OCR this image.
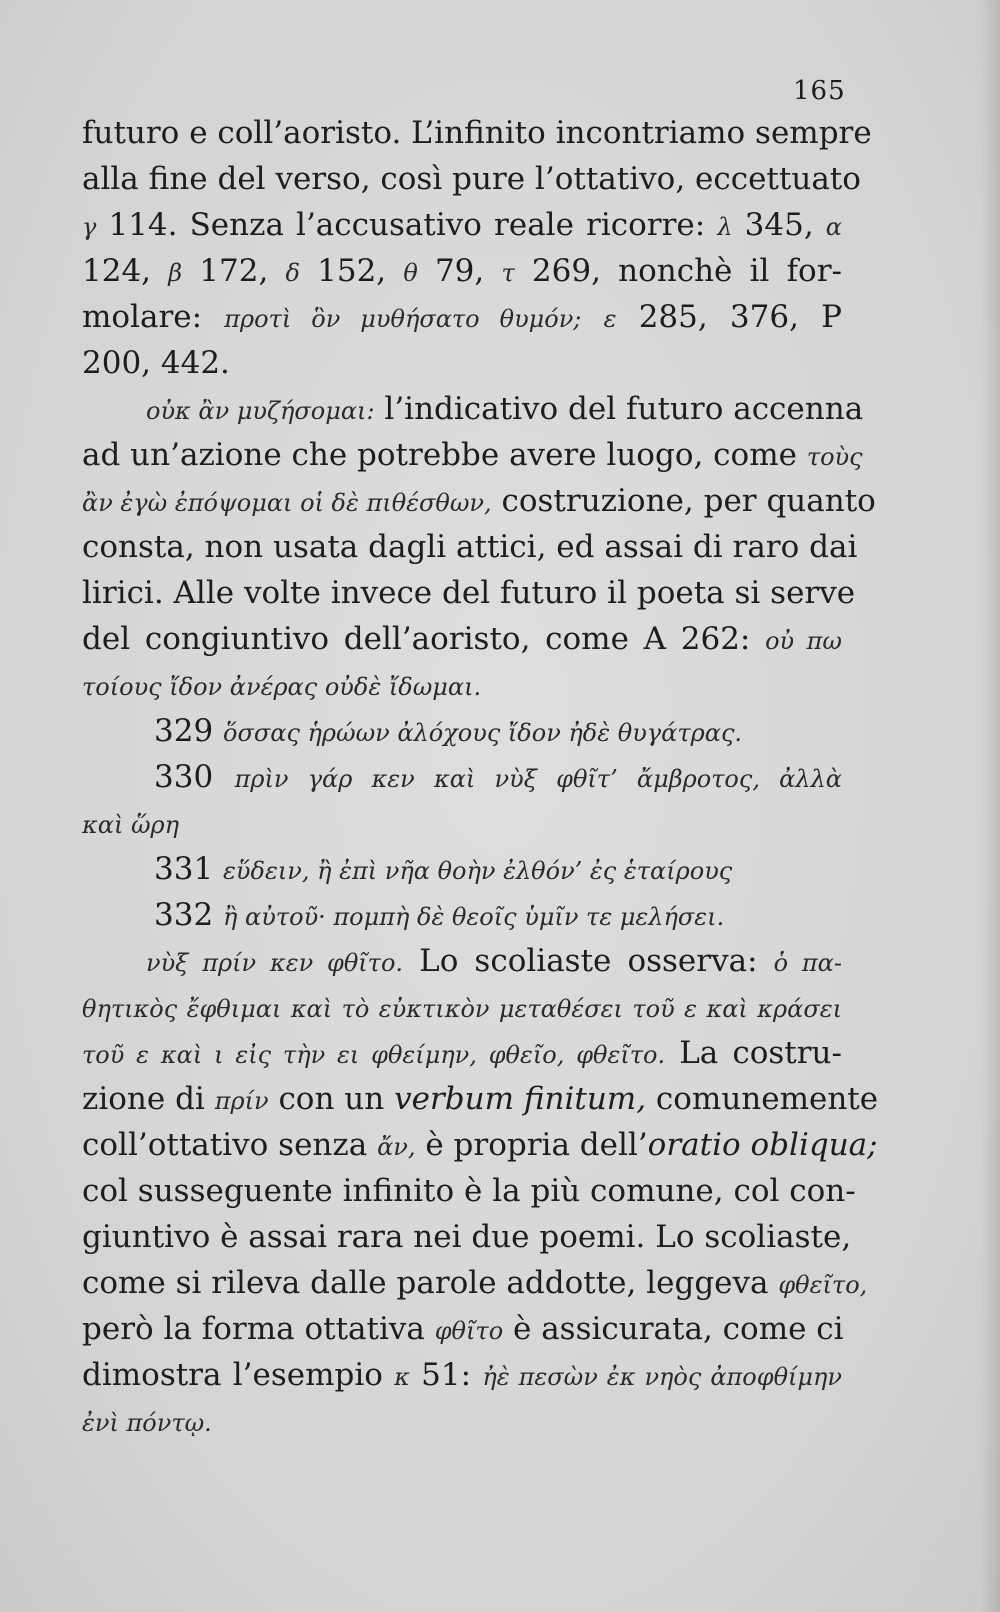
165
futuro e coll’aoristo. L’infinito incontriamo sempre
alla fine del verso, così pure l’ottativo, eccettuato
γ 114. Senza l’accusativo reale ricorre: λ 345, α
124, β 172, δ 152, θ 79, τ 269, nonchè il for-
molare: προτὶ ὃν μυθήσατο θυμόν; ε 285, 376, P
200, 442.
οὐκ ἂν μυζήσομαι: l’indicativo del futuro accenna
ad un’azione che potrebbe avere luogo, come τοὺς
ἂν ἐγὼ ἐπόψομαι οἱ δὲ πιθέσθων, costruzione, per quanto
consta, non usata dagli attici, ed assai di raro dai
lirici. Alle volte invece del futuro il poeta si serve
del congiuntivo dell’aoristo, come A 262: οὐ πω
τοίους ἴδον ἀνέρας οὐδὲ ἴδωμαι.
329 ὅσσας ἡρώων ἀλόχους ἴδον ἠδὲ θυγάτρας.
330 πρὶν γάρ κεν καὶ νὺξ φθῖτ’ ἄμβροτος, ἀλλὰ
καὶ ὥρη
331 εὕδειν, ἢ ἐπὶ νῆα θοὴν ἐλθόν’ ἐς ἑταίρους
332 ἢ αὐτοῦ· πομπὴ δὲ θεοῖς ὑμῖν τε μελήσει.
νὺξ πρίν κεν φθῖτο. Lo scoliaste osserva: ὁ πα-
θητικὸς ἔφθιμαι καὶ τὸ εὐκτικὸν μεταθέσει τοῦ ε καὶ κράσει
τοῦ ε καὶ ι εἰς τὴν ει φθείμην, φθεῖο, φθεῖτο. La costru-
zione di πρίν con un verbum finitum, comunemente
coll’ottativo senza ἄν, è propria dell’oratio obliqua;
col susseguente infinito è la più comune, col con-
giuntivo è assai rara nei due poemi. Lo scoliaste,
come si rileva dalle parole addotte, leggeva φθεῖτο,
però la forma ottativa φθῖτο è assicurata, come ci
dimostra l’esempio κ 51: ἠὲ πεσὼν ἐκ νηὸς ἀποφθίμην
ἐνὶ πόντῳ.
